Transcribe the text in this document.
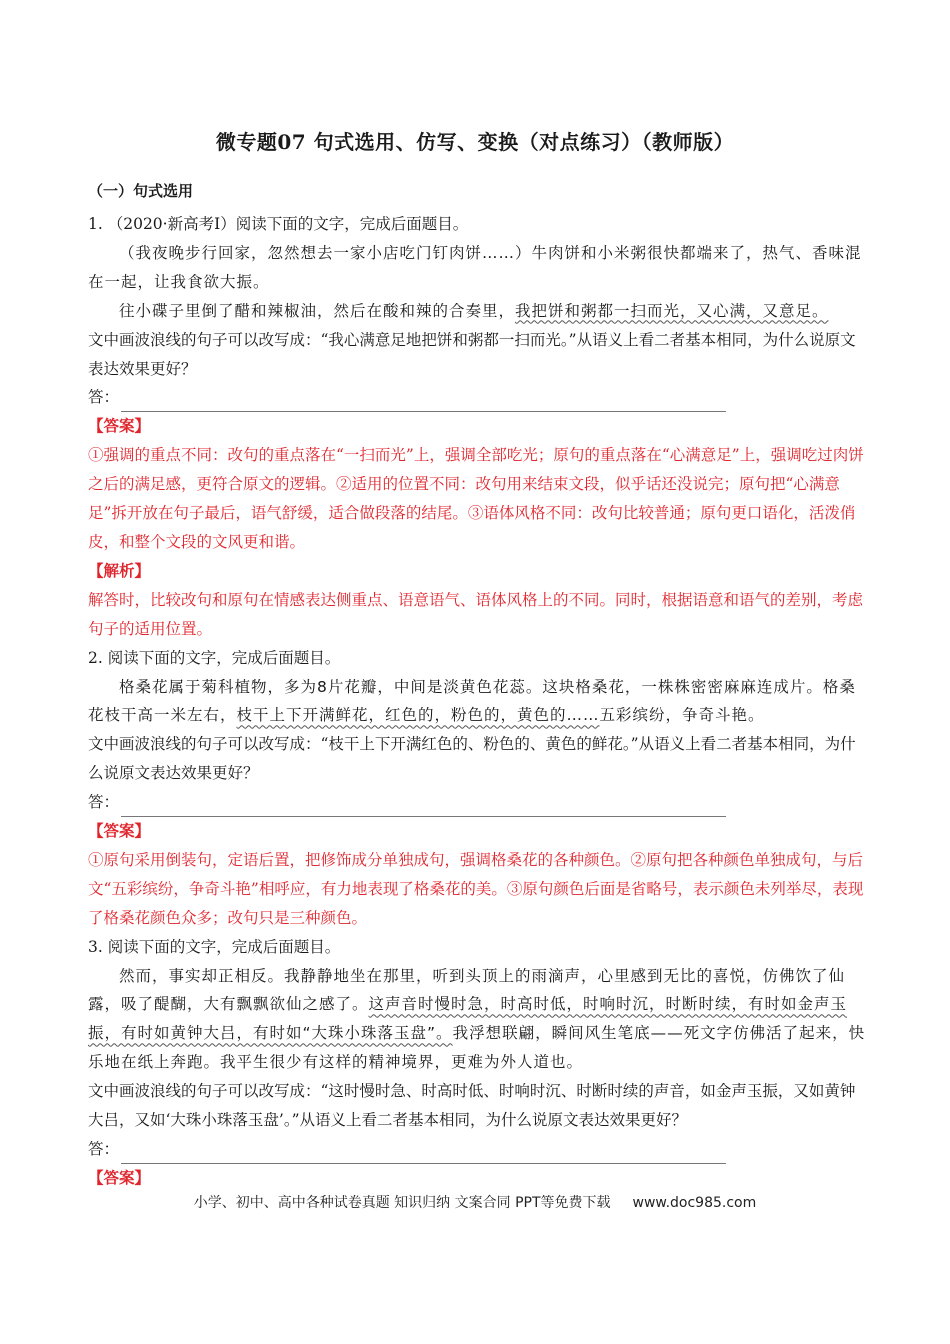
微专题07 句式选用、仿写、变换（对点练习）（教师版）
（一）句式选用
1. （2020·新高考Ⅰ）阅读下面的文字，完成后面题目。
（我夜晚步行回家，忽然想去一家小店吃门钉肉饼……）牛肉饼和小米粥很快都端来了，热气、香味混在一起，让我食欲大振。
往小碟子里倒了醋和辣椒油，然后在酸和辣的合奏里，我把饼和粥都一扫而光，又心满，又意足。
文中画波浪线的句子可以改写成：“我心满意足地把饼和粥都一扫而光。”从语义上看二者基本相同，为什么说原文表达效果更好？
答：
【答案】
①强调的重点不同：改句的重点落在“一扫而光”上，强调全部吃光；原句的重点落在“心满意足”上，强调吃过肉饼之后的满足感，更符合原文的逻辑。②适用的位置不同：改句用来结束文段，似乎话还没说完；原句把“心满意足”拆开放在句子最后，语气舒缓，适合做段落的结尾。③语体风格不同：改句比较普通；原句更口语化，活泼俏皮，和整个文段的文风更和谐。
【解析】
解答时，比较改句和原句在情感表达侧重点、语意语气、语体风格上的不同。同时，根据语意和语气的差别，考虑句子的适用位置。
2. 阅读下面的文字，完成后面题目。
格桑花属于菊科植物，多为8片花瓣，中间是淡黄色花蕊。这块格桑花，一株株密密麻麻连成片。格桑花枝干高一米左右，枝干上下开满鲜花，红色的，粉色的，黄色的……五彩缤纷，争奇斗艳。
文中画波浪线的句子可以改写成：“枝干上下开满红色的、粉色的、黄色的鲜花。”从语义上看二者基本相同，为什么说原文表达效果更好？
答：
【答案】
①原句采用倒装句，定语后置，把修饰成分单独成句，强调格桑花的各种颜色。②原句把各种颜色单独成句，与后文“五彩缤纷，争奇斗艳”相呼应，有力地表现了格桑花的美。③原句颜色后面是省略号，表示颜色未列举尽，表现了格桑花颜色众多；改句只是三种颜色。
3. 阅读下面的文字，完成后面题目。
然而，事实却正相反。我静静地坐在那里，听到头顶上的雨滴声，心里感到无比的喜悦，仿佛饮了仙露，吸了醍醐，大有飘飘欲仙之感了。这声音时慢时急，时高时低，时响时沉，时断时续，有时如金声玉振，有时如黄钟大吕，有时如“大珠小珠落玉盘”。我浮想联翩，瞬间风生笔底——死文字仿佛活了起来，快乐地在纸上奔跑。我平生很少有这样的精神境界，更难为外人道也。
文中画波浪线的句子可以改写成：“这时慢时急、时高时低、时响时沉、时断时续的声音，如金声玉振，又如黄钟大吕，又如‘大珠小珠落玉盘’。”从语义上看二者基本相同，为什么说原文表达效果更好？
答：
【答案】
小学、初中、高中各种试卷真题 知识归纳 文案合同 PPT等免费下载 www.doc985.com
